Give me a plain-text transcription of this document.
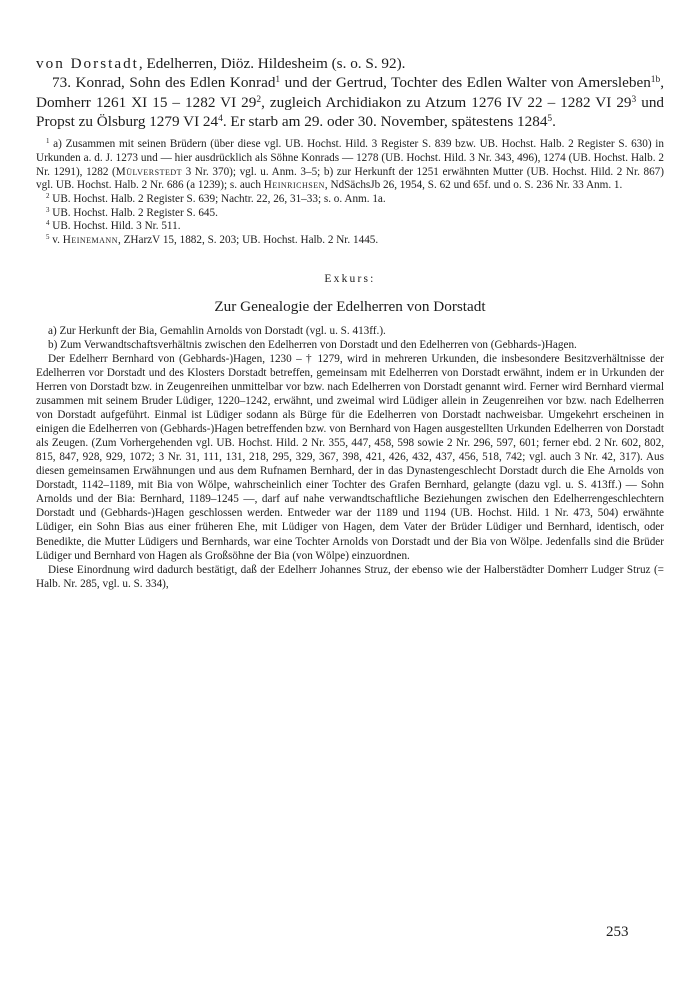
von Dorstadt, Edelherren, Diöz. Hildesheim (s. o. S. 92).

73. Konrad, Sohn des Edlen Konrad$^1$ und der Gertrud, Tochter des Edlen Walter von Amersleben$^{1b}$, Domherr 1261 XI 15 – 1282 VI $29^2$, zugleich Archidiakon zu Atzum 1276 IV 22 – 1282 VI $29^3$ und Propst zu Ölsburg 1279 VI $24^4$. Er starb am 29. oder 30. November, spätestens 1284$^5$.

$^1$ a) Zusammen mit seinen Brüdern (über diese vgl. UB. Hochst. Hild. 3 Register S. 839 bzw. UB. Hochst. Halb. 2 Register S. 630) in Urkunden a. d. J. 1273 und — hier ausdrücklich als Söhne Konrads — 1278 (UB. Hochst. Hild. 3 Nr. 343, 496), 1274 (UB. Hochst. Halb. 2 Nr. 1291), 1282 (Mülverstedt 3 Nr. 370); vgl. u. Anm. 3–5; b) zur Herkunft der 1251 erwähnten Mutter (UB. Hochst. Hild. 2 Nr. 867) vgl. UB. Hochst. Halb. 2 Nr. 686 (a 1239); s. auch Heinrichsen, NdSächsJb 26, 1954, S. 62 und 65f. und o. S. 236 Nr. 33 Anm. 1.

$^2$ UB. Hochst. Halb. 2 Register S. 639; Nachtr. 22, 26, 31–33; s. o. Anm. 1a.

$^3$ UB. Hochst. Halb. 2 Register S. 645.

$^4$ UB. Hochst. Hild. 3 Nr. 511.

$^5$ v. Heinemann, ZHarzV 15, 1882, S. 203; UB. Hochst. Halb. 2 Nr. 1445.

Exkurs:

Zur Genealogie der Edelherren von Dorstadt

a) Zur Herkunft der Bia, Gemahlin Arnolds von Dorstadt (vgl. u. S. 413ff.).

b) Zum Verwandtschaftsverhältnis zwischen den Edelherren von Dorstadt und den Edelherren von (Gebhards-)Hagen.

Der Edelherr Bernhard von (Gebhards-)Hagen, 1230 – † 1279, wird in mehreren Urkunden, die insbesondere Besitzverhältnisse der Edelherren vor Dorstadt und des Klosters Dorstadt betreffen, gemeinsam mit Edelherren von Dorstadt erwähnt, indem er in Urkunden der Herren von Dorstadt bzw. in Zeugenreihen unmittelbar vor bzw. nach Edelherren von Dorstadt genannt wird. Ferner wird Bernhard viermal zusammen mit seinem Bruder Lüdiger, 1220–1242, erwähnt, und zweimal wird Lüdiger allein in Zeugenreihen vor bzw. nach Edelherren von Dorstadt aufgeführt. Einmal ist Lüdiger sodann als Bürge für die Edelherren von Dorstadt nachweisbar. Umgekehrt erscheinen in einigen die Edelherren von (Gebhards-)Hagen betreffenden bzw. von Bernhard von Hagen ausgestellten Urkunden Edelherren von Dorstadt als Zeugen. (Zum Vorhergehenden vgl. UB. Hochst. Hild. 2 Nr. 355, 447, 458, 598 sowie 2 Nr. 296, 597, 601; ferner ebd. 2 Nr. 602, 802, 815, 847, 928, 929, 1072; 3 Nr. 31, 111, 131, 218, 295, 329, 367, 398, 421, 426, 432, 437, 456, 518, 742; vgl. auch 3 Nr. 42, 317). Aus diesen gemeinsamen Erwähnungen und aus dem Rufnamen Bernhard, der in das Dynastengeschlecht Dorstadt durch die Ehe Arnolds von Dorstadt, 1142–1189, mit Bia von Wölpe, wahrscheinlich einer Tochter des Grafen Bernhard, gelangte (dazu vgl. u. S. 413ff.) — Sohn Arnolds und der Bia: Bernhard, 1189–1245 —, darf auf nahe verwandtschaftliche Beziehungen zwischen den Edelherrengeschlechtern Dorstadt und (Gebhards-)Hagen geschlossen werden. Entweder war der 1189 und 1194 (UB. Hochst. Hild. 1 Nr. 473, 504) erwähnte Lüdiger, ein Sohn Bias aus einer früheren Ehe, mit Lüdiger von Hagen, dem Vater der Brüder Lüdiger und Bernhard, identisch, oder Benedikte, die Mutter Lüdigers und Bernhards, war eine Tochter Arnolds von Dorstadt und der Bia von Wölpe. Jedenfalls sind die Brüder Lüdiger und Bernhard von Hagen als Großsöhne der Bia (von Wölpe) einzuordnen.

Diese Einordnung wird dadurch bestätigt, daß der Edelherr Johannes Struz, der ebenso wie der Halberstädter Domherr Ludger Struz (= Halb. Nr. 285, vgl. u. S. 334),

253
